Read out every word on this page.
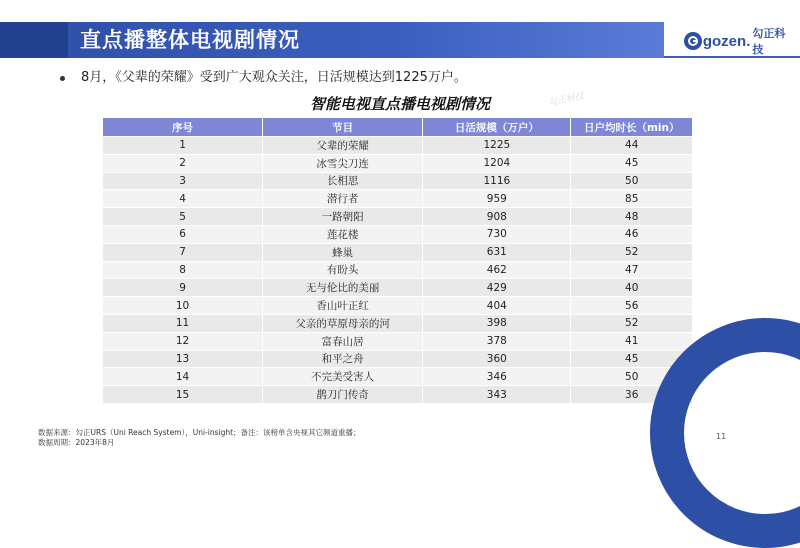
直点播整体电视剧情况	gozen. 勾正科技
8月，《父辈的荣耀》受到广大观众关注，日活规模达到1225万户。
智能电视直点播电视剧情况	勾正科技
序号	节目	日活规模（万户）	日户均时长（min）
1	父辈的荣耀	1225	44
2	冰雪尖刀连	1204	45
3	长相思	1116	50
4	潜行者	959	85
5	一路朝阳	908	48
6	莲花楼	730	46
7	蜂巢	631	52
8	有盼头	462	47
9	无与伦比的美丽	429	40
10	香山叶正红	404	56
11	父亲的草原母亲的河	398	52
12	富春山居	378	41
13	和平之舟	360	45
14	不完美受害人	346	50
15	鹊刀门传奇	343	36
11
数据来源：勾正URS（Uni Reach System），Uni-insight；备注：该榜单含央视其它频道重播；
数据周期：2023年8月
